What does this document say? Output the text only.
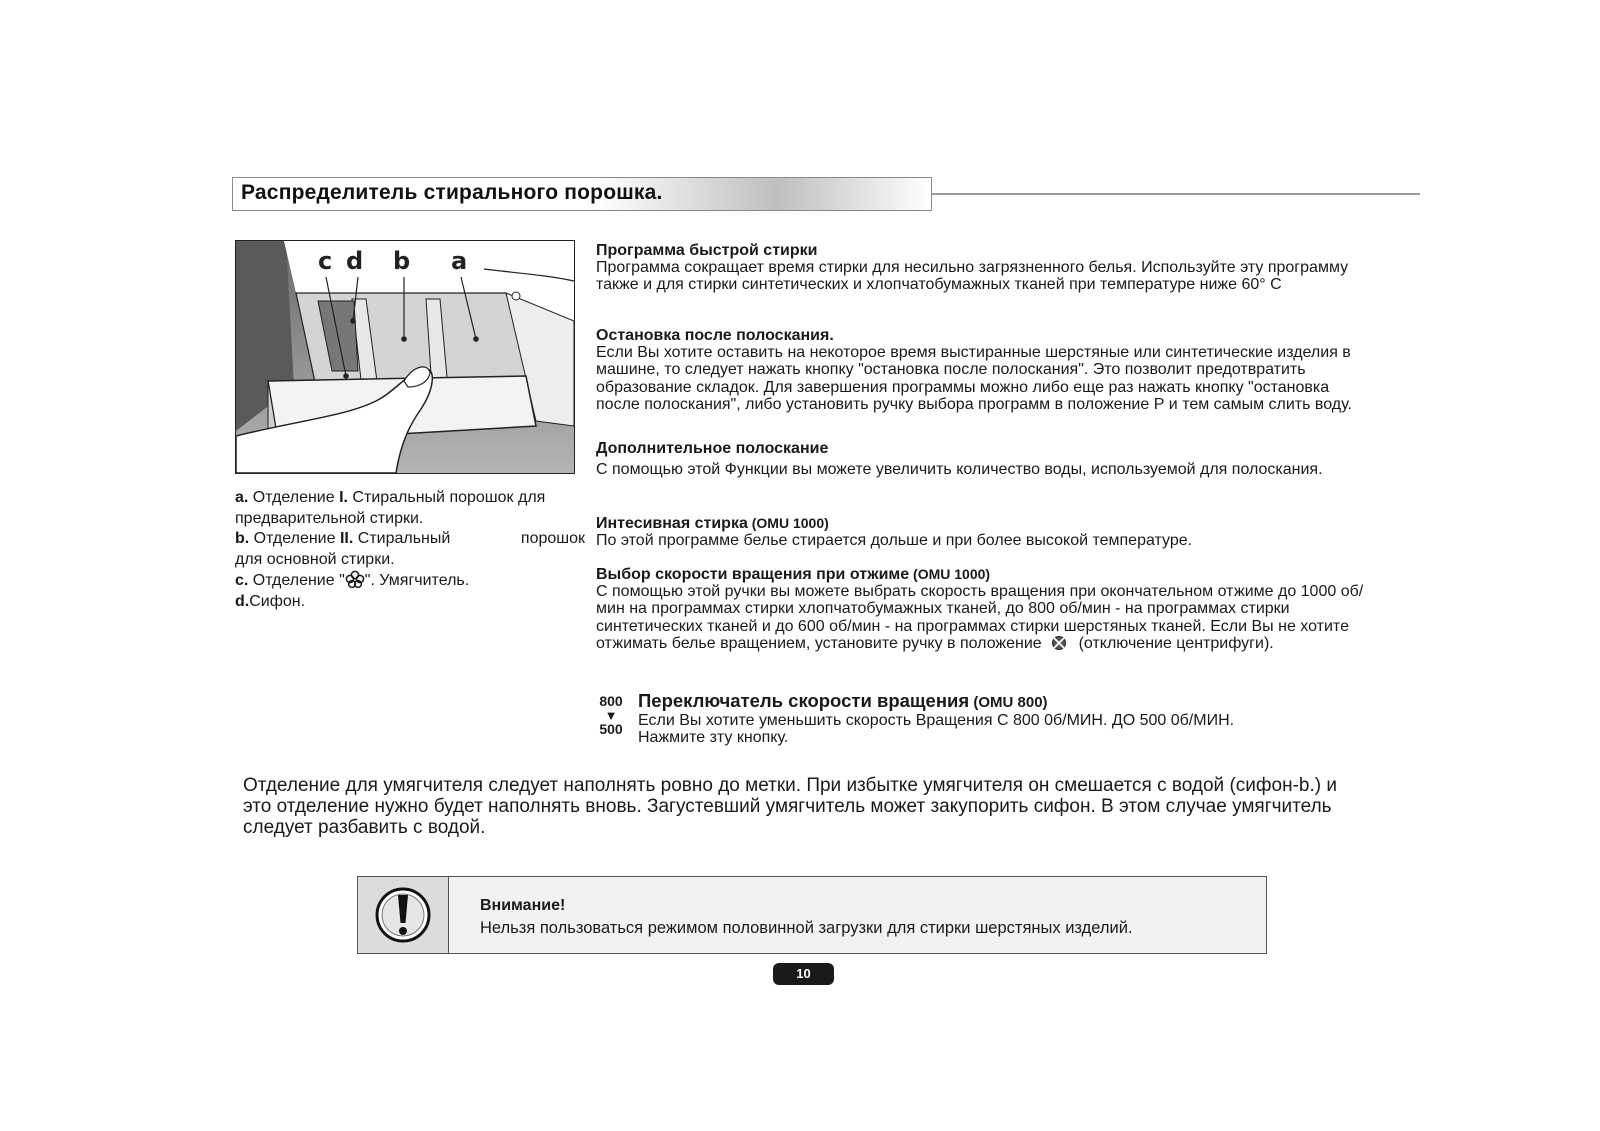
Распределитель стирального порошка.
c d b a

a. Отделение I. Стиральный порошок для предварительной стирки.

b. Отделение II. Стиральный	порошок

для основной стирки.

c. Отделение " ". Умягчитель.

d.Сифон.

Программа быстрой стирки

Программа сокращает время стирки для несильно загрязненного белья. Используйте эту программу также и для стирки синтетических и хлопчатобумажных тканей при температуре ниже 60° С

Остановка после полоскания.

Если Вы хотите оставить на некоторое время выстиранные шерстяные или синтетические изделия в машине, то следует нажать кнопку "остановка после полоскания". Это позволит предотвратить образование складок. Для завершения программы можно либо еще раз нажать кнопку "остановка после полоскания", либо установить ручку выбора программ в положение Р и тем самым слить воду.

Дополнительное полоскание

С помощью этой Функции вы можете увеличить количество воды, используемой для полоскания.

Интесивная стирка (OMU 1000)

По этой программе белье стирается дольше и при более высокой температуре.

Выбор скорости вращения при отжиме (OMU 1000)

С помощью этой ручки вы можете выбрать скорость вращения при окончательном отжиме до 1000 об/мин на программах стирки хлопчатобумажных тканей, до 800 об/мин - на программах стирки синтетических тканей и до 600 об/мин - на программах стирки шерстяных тканей. Если Вы не хотите отжимать белье вращением, установите ручку в положение  (отключение центрифуги).

800
▼
500
Переключатель скорости вращения (OMU 800)

Если Вы хотите уменьшить скорость Вращения С 800 0б/МИН. ДО 500 0б/МИН.

Нажмите зту кнопку.

Отделение для умягчителя следует наполнять ровно до метки. При избытке умягчителя он смешается с водой (сифон-b.) и это отделение нужно будет наполнять вновь. Загустевший умягчитель может закупорить сифон. В этом случае умягчитель следует разбавить с водой.
Внимание!
Нельзя пользоваться режимом половинной загрузки для стирки шерстяных изделий.
10
